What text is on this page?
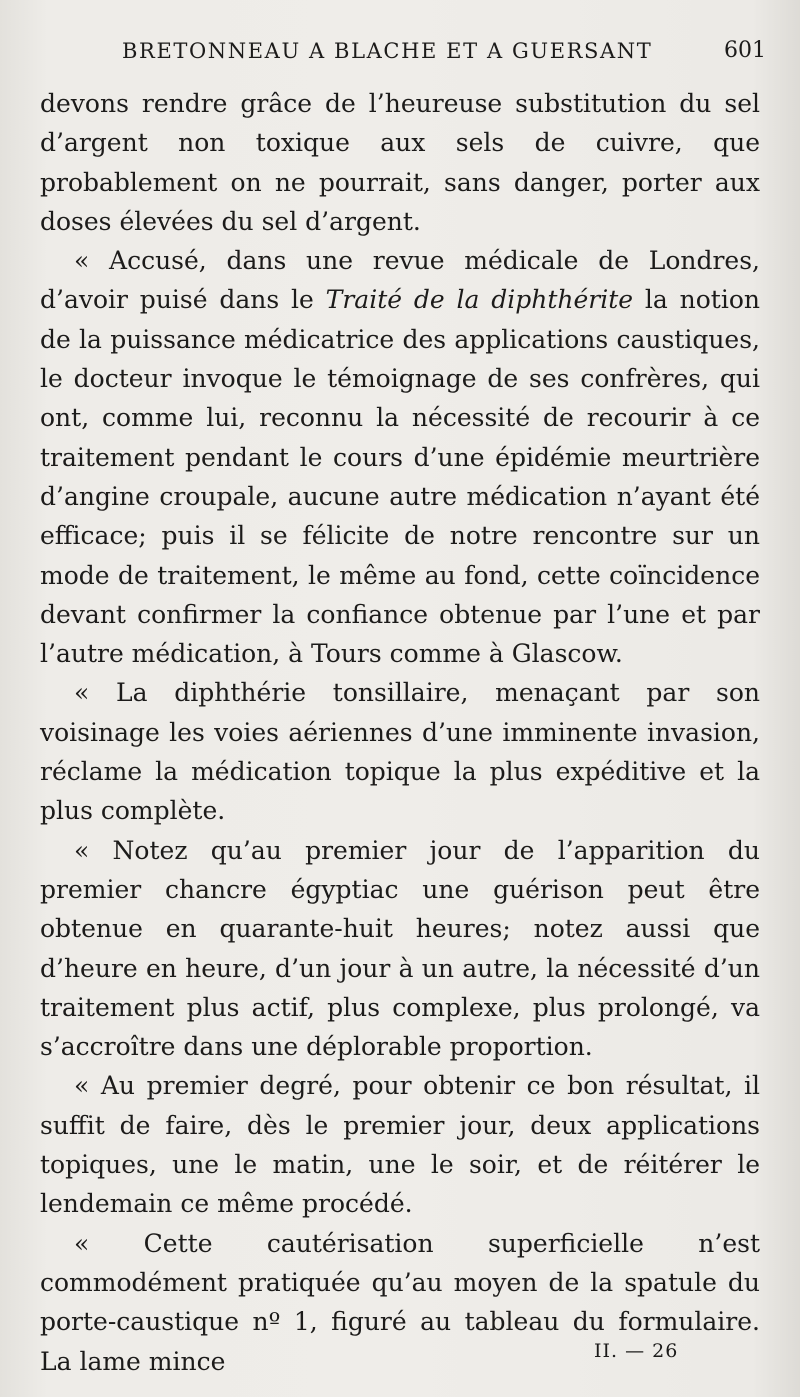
BRETONNEAU A BLACHE ET A GUERSANT	601

devons rendre grâce de l’heureuse substitution du sel d’argent non toxique aux sels de cuivre, que probablement on ne pourrait, sans danger, porter aux doses élevées du sel d’argent.

« Accusé, dans une revue médicale de Londres, d’avoir puisé dans le Traité de la diphthérite la notion de la puissance médicatrice des applications caustiques, le docteur invoque le témoignage de ses confrères, qui ont, comme lui, reconnu la nécessité de recourir à ce traitement pendant le cours d’une épidémie meurtrière d’angine croupale, aucune autre médication n’ayant été efficace; puis il se félicite de notre rencontre sur un mode de traitement, le même au fond, cette coïncidence devant confirmer la confiance obtenue par l’une et par l’autre médication, à Tours comme à Glascow.

« La diphthérie tonsillaire, menaçant par son voisinage les voies aériennes d’une imminente invasion, réclame la médication topique la plus expéditive et la plus complète.

« Notez qu’au premier jour de l’apparition du premier chancre égyptiac une guérison peut être obtenue en quarante-huit heures; notez aussi que d’heure en heure, d’un jour à un autre, la nécessité d’un traitement plus actif, plus complexe, plus prolongé, va s’accroître dans une déplorable proportion.

« Au premier degré, pour obtenir ce bon résultat, il suffit de faire, dès le premier jour, deux applications topiques, une le matin, une le soir, et de réitérer le lendemain ce même procédé.

« Cette cautérisation superficielle n’est commodément pratiquée qu’au moyen de la spatule du porte-caustique nº 1, figuré au tableau du formulaire. La lame mince	II. — 26
